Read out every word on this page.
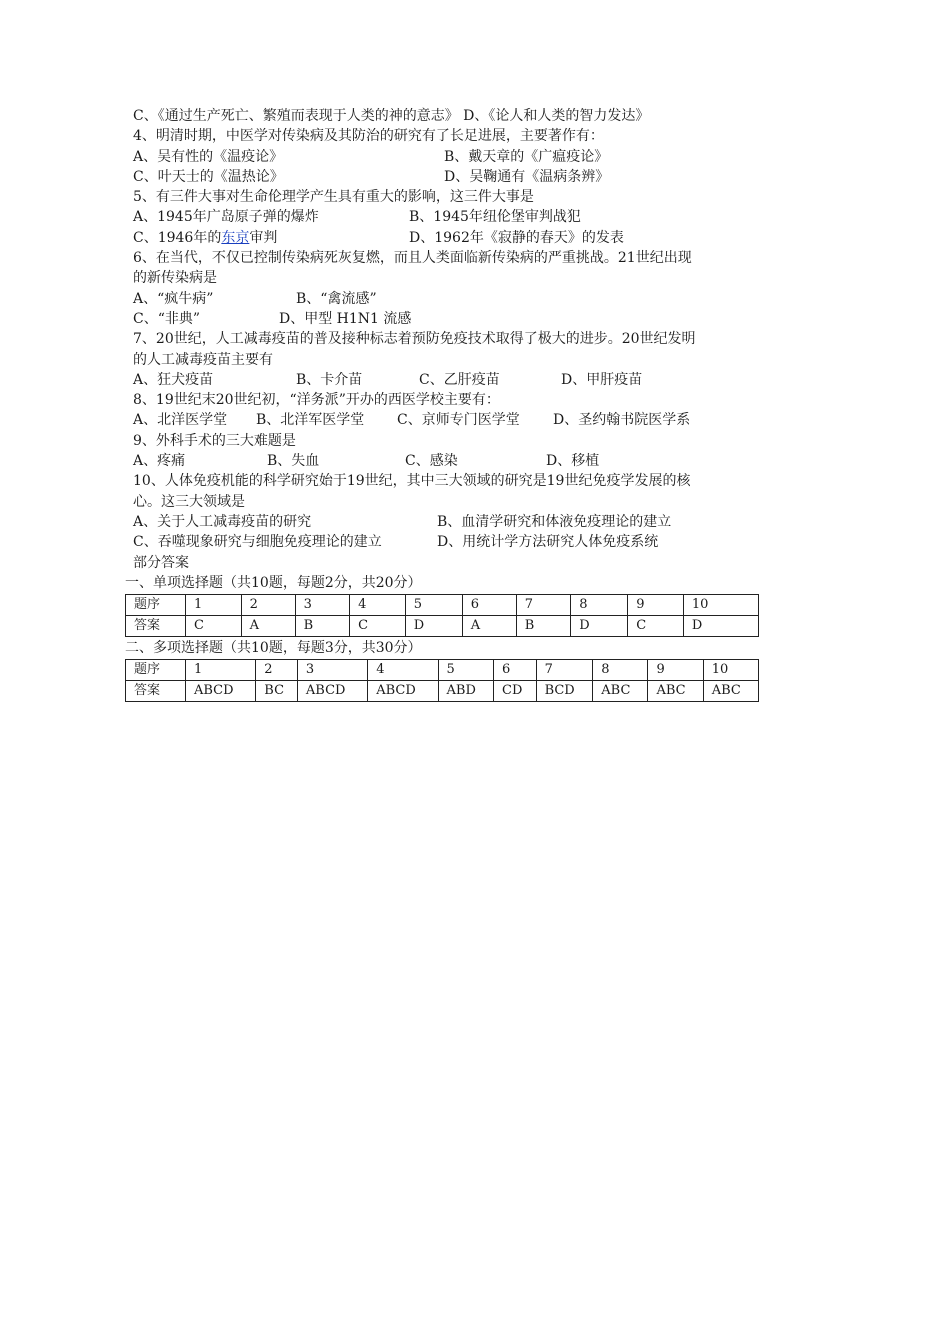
C、《通过生产死亡、繁殖而表现于人类的神的意志》 D、《论人和人类的智力发达》
4、明清时期，中医学对传染病及其防治的研究有了长足进展，主要著作有：
A、吴有性的《温疫论》	B、戴天章的《广瘟疫论》
C、叶天士的《温热论》	D、吴鞠通有《温病条辨》
5、有三件大事对生命伦理学产生具有重大的影响，这三件大事是
A、1945年广岛原子弹的爆炸	B、1945年纽伦堡审判战犯
C、1946年的东京审判	D、1962年《寂静的春天》的发表
6、在当代，不仅已控制传染病死灰复燃，而且人类面临新传染病的严重挑战。21世纪出现
的新传染病是
A、“疯牛病”	B、“禽流感”
C、“非典”	D、甲型 H1N1 流感
7、20世纪，人工减毒疫苗的普及接种标志着预防免疫技术取得了极大的进步。20世纪发明
的人工减毒疫苗主要有
A、狂犬疫苗	B、卡介苗	C、乙肝疫苗	D、甲肝疫苗
8、19世纪末20世纪初，“洋务派”开办的西医学校主要有：
A、北洋医学堂 B、北洋军医学堂 C、京师专门医学堂 D、圣约翰书院医学系
9、外科手术的三大难题是
A、疼痛	B、失血	C、感染	D、移植
10、人体免疫机能的科学研究始于19世纪，其中三大领域的研究是19世纪免疫学发展的核
心。这三大领域是
A、关于人工减毒疫苗的研究	B、血清学研究和体液免疫理论的建立
C、吞噬现象研究与细胞免疫理论的建立	D、用统计学方法研究人体免疫系统
部分答案
一、单项选择题（共10题，每题2分，共20分）
题序	1	2	3	4	5	6	7	8	9	10
答案	C	A	B	C	D	A	B	D	C	D
二、多项选择题（共10题，每题3分，共30分）
题序	1	2	3	4	5	6	7	8	9	10
答案	ABCD	BC	ABCD	ABCD	ABD	CD	BCD	ABC	ABC	ABC
